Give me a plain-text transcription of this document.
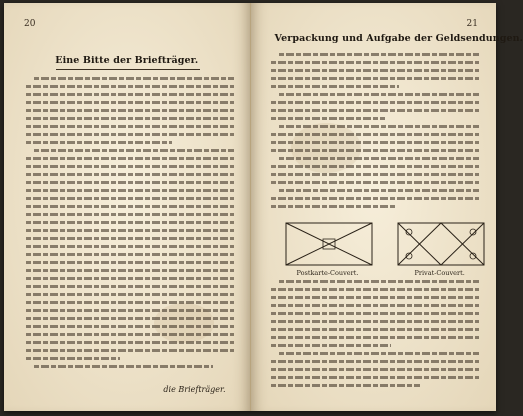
20
Eine Bitte der Briefträger.
die Briefträger.
21
Verpackung und Aufgabe der Geldsendungen.
Postkarte-Couvert.	Privat-Couvert.
